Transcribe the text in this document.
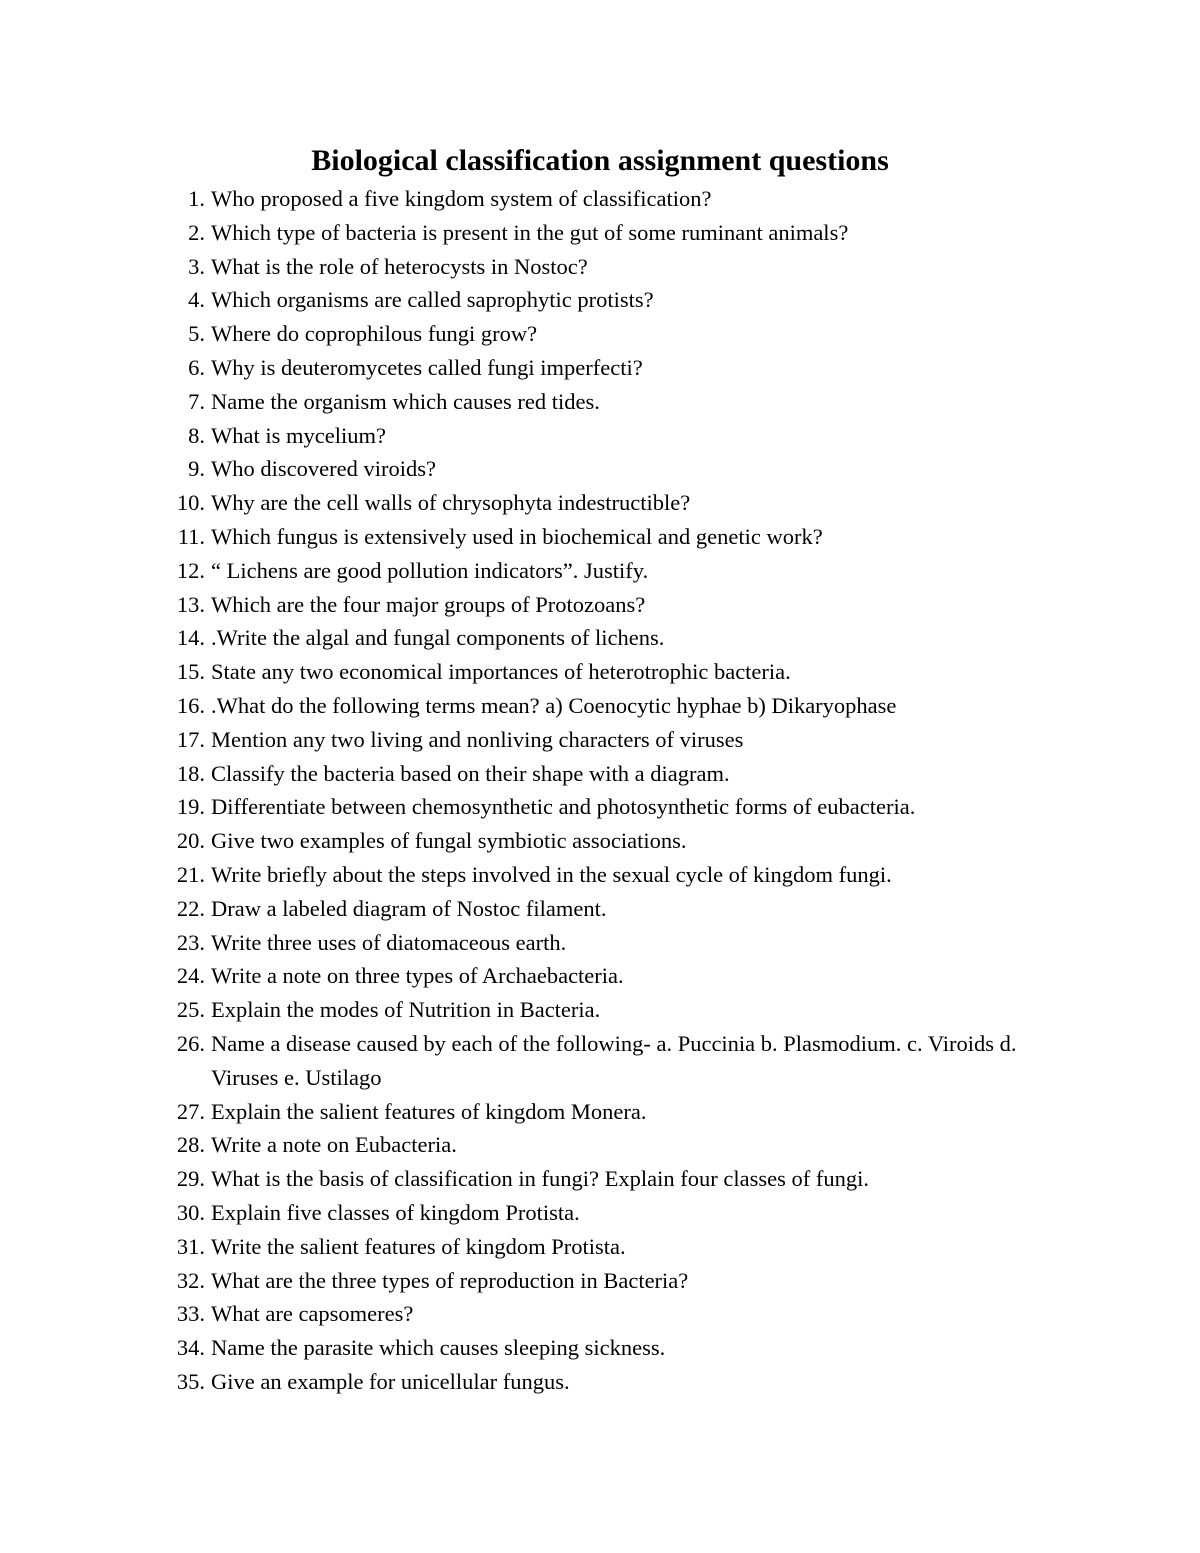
Biological classification assignment questions
1. Who proposed a five kingdom system of classification?
2. Which type of bacteria is present in the gut of some ruminant animals?
3. What is the role of heterocysts in Nostoc?
4. Which organisms are called saprophytic protists?
5. Where do coprophilous fungi grow?
6. Why is deuteromycetes called fungi imperfecti?
7. Name the organism which causes red tides.
8. What is mycelium?
9. Who discovered viroids?
10. Why are the cell walls of chrysophyta indestructible?
11. Which fungus is extensively used in biochemical and genetic work?
12. “ Lichens are good pollution indicators”. Justify.
13. Which are the four major groups of Protozoans?
14. .Write the algal and fungal components of lichens.
15. State any two economical importances of heterotrophic bacteria.
16. .What do the following terms mean? a) Coenocytic hyphae b) Dikaryophase
17. Mention any two living and nonliving characters of viruses
18. Classify the bacteria based on their shape with a diagram.
19. Differentiate between chemosynthetic and photosynthetic forms of eubacteria.
20. Give two examples of fungal symbiotic associations.
21. Write briefly about the steps involved in the sexual cycle of kingdom fungi.
22. Draw a labeled diagram of Nostoc filament.
23. Write three uses of diatomaceous earth.
24. Write a note on three types of Archaebacteria.
25. Explain the modes of Nutrition in Bacteria.
26. Name a disease caused by each of the following- a. Puccinia b. Plasmodium. c. Viroids d. Viruses e. Ustilago
27. Explain the salient features of kingdom Monera.
28. Write a note on Eubacteria.
29. What is the basis of classification in fungi? Explain four classes of fungi.
30. Explain five classes of kingdom Protista.
31. Write the salient features of kingdom Protista.
32. What are the three types of reproduction in Bacteria?
33. What are capsomeres?
34. Name the parasite which causes sleeping sickness.
35. Give an example for unicellular fungus.
